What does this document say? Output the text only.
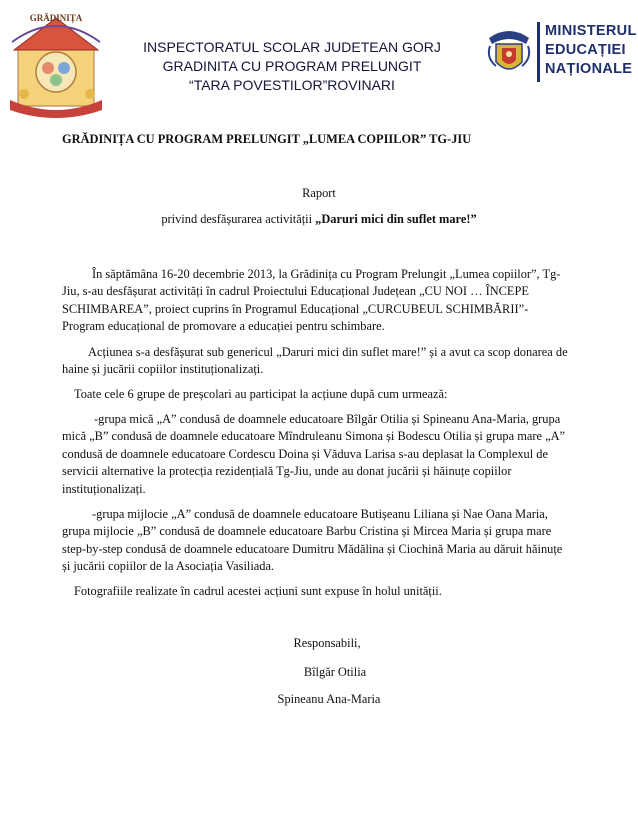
GRĂDINIȚA
INSPECTORATUL SCOLAR JUDETEAN GORJ
GRADINITA CU PROGRAM PRELUNGIT
“TARA POVESTILOR”ROVINARI
MINISTERUL
EDUCAȚIEI
NAȚIONALE
GRĂDINIȚA CU PROGRAM PRELUNGIT „LUMEA COPIILOR” TG-JIU
Raport
privind desfășurarea activității „Daruri mici din suflet mare!”
În săptămâna 16-20 decembrie 2013, la Grădinița cu Program Prelungit „Lumea copiilor”, Tg-Jiu, s-au desfășurat activități în cadrul Proiectului Educațional Județean „CU NOI … ÎNCEPE SCHIMBAREA”, proiect cuprins în Programul Educațional „CURCUBEUL SCHIMBĂRII”-Program educațional de promovare a educației pentru schimbare.
Acțiunea s-a desfășurat sub genericul „Daruri mici din suflet mare!” și a avut ca scop donarea de haine și jucării copiilor instituționalizați.
Toate cele 6 grupe de preșcolari au participat la acțiune după cum urmează:
-grupa mică „A” condusă de doamnele educatoare Bîlgăr Otilia și Spineanu Ana-Maria, grupa mică „B” condusă de doamnele educatoare Mîndruleanu Simona și Bodescu Otilia și grupa mare „A” condusă de doamnele educatoare Cordescu Doina și Văduva Larisa s-au deplasat la Complexul de servicii alternative la protecția rezidențială Tg-Jiu, unde au donat jucării și hăinuțe copiilor instituționalizați.
-grupa mijlocie „A” condusă de doamnele educatoare Butișeanu Liliana și Nae Oana Maria, grupa mijlocie „B” condusă de doamnele educatoare Barbu Cristina și Mircea Maria și grupa mare step-by-step condusă de doamnele educatoare Dumitru Mădălina și Ciochină Maria au dăruit hăinuțe și jucării copiilor de la Asociația Vasiliada.
Fotografiile realizate în cadrul acestei acțiuni sunt expuse în holul unității.
Responsabili,
Bîlgăr Otilia
Spineanu Ana-Maria
